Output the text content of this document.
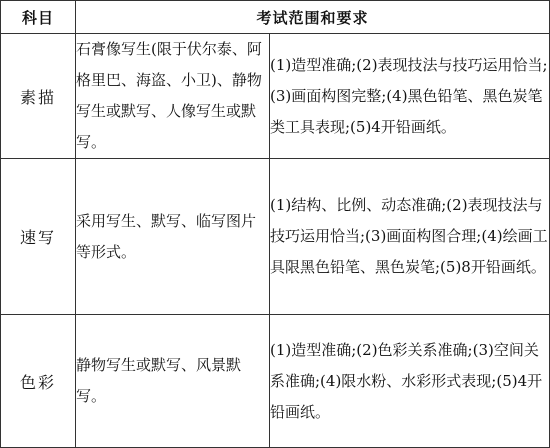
科目	考试范围和要求	
素描	石膏像写生(限于伏尔泰、阿格里巴、海盗、小卫)、静物写生或默写、人像写生或默写。	(1)造型准确;(2)表现技法与技巧运用恰当;(3)画面构图完整;(4)黑色铅笔、黑色炭笔类工具表现;(5)4开铅画纸。

速写	采用写生、默写、临写图片等形式。	(1)结构、比例、动态准确;(2)表现技法与技巧运用恰当;(3)画面构图合理;(4)绘画工具限黑色铅笔、黑色炭笔;(5)8开铅画纸。

色彩	静物写生或默写、风景默写。	(1)造型准确;(2)色彩关系准确;(3)空间关系准确;(4)限水粉、水彩形式表现;(5)4开铅画纸。
